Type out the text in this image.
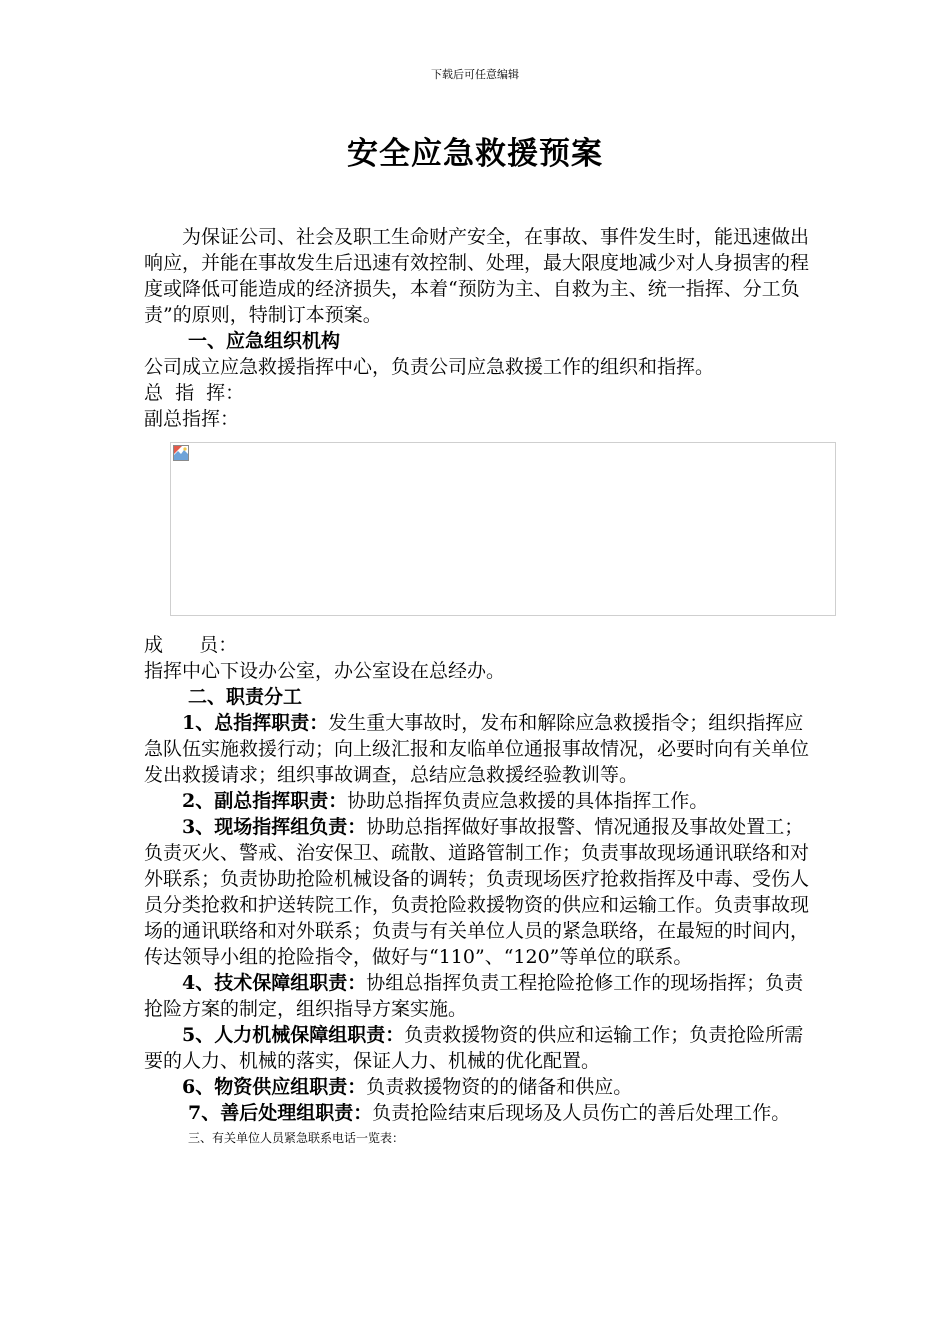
下载后可任意编辑
安全应急救援预案

为保证公司、社会及职工生命财产安全，在事故、事件发生时，能迅速做出响应，并能在事故发生后迅速有效控制、处理，最大限度地减少对人身损害的程度或降低可能造成的经济损失，本着“预防为主、自救为主、统一指挥、分工负责”的原则，特制订本预案。

一、应急组织机构

公司成立应急救援指挥中心，负责公司应急救援工作的组织和指挥。

总  指  挥：

副总指挥：

成      员：

指挥中心下设办公室，办公室设在总经办。

二、职责分工

1、总指挥职责：发生重大事故时，发布和解除应急救援指令；组织指挥应急队伍实施救援行动；向上级汇报和友临单位通报事故情况，必要时向有关单位发出救援请求；组织事故调查，总结应急救援经验教训等。

2、副总指挥职责：协助总指挥负责应急救援的具体指挥工作。

3、现场指挥组负责：协助总指挥做好事故报警、情况通报及事故处置工；负责灭火、警戒、治安保卫、疏散、道路管制工作；负责事故现场通讯联络和对外联系；负责协助抢险机械设备的调转；负责现场医疗抢救指挥及中毒、受伤人员分类抢救和护送转院工作，负责抢险救援物资的供应和运输工作。负责事故现场的通讯联络和对外联系；负责与有关单位人员的紧急联络，在最短的时间内，传达领导小组的抢险指令，做好与“110”、“120”等单位的联系。

4、技术保障组职责：协组总指挥负责工程抢险抢修工作的现场指挥；负责抢险方案的制定，组织指导方案实施。

5、人力机械保障组职责：负责救援物资的供应和运输工作；负责抢险所需要的人力、机械的落实，保证人力、机械的优化配置。

6、物资供应组职责：负责救援物资的的储备和供应。

7、善后处理组职责：负责抢险结束后现场及人员伤亡的善后处理工作。

三、有关单位人员紧急联系电话一览表：
